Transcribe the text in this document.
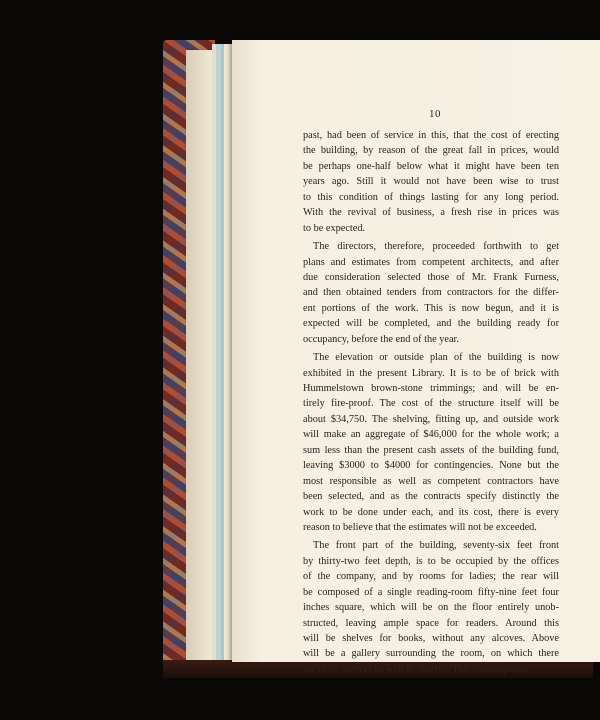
10
past, had been of service in this, that the cost of erecting
the building, by reason of the great fall in prices, would
be perhaps one-half below what it might have been ten
years ago. Still it would not have been wise to trust
to this condition of things lasting for any long period.
With the revival of business, a fresh rise in prices was
to be expected.
The directors, therefore, proceeded forthwith to get
plans and estimates from competent architects, and after
due consideration selected those of Mr. Frank Furness,
and then obtained tenders from contractors for the differ-
ent portions of the work. This is now begun, and it is
expected will be completed, and the building ready for
occupancy, before the end of the year.
The elevation or outside plan of the building is now
exhibited in the present Library. It is to be of brick with
Hummelstown brown-stone trimmings; and will be en-
tirely fire-proof. The cost of the structure itself will be
about $34,750. The shelving, fitting up, and outside work
will make an aggregate of $46,000 for the whole work; a
sum less than the present cash assets of the building fund,
leaving $3000 to $4000 for contingencies. None but the
most responsible as well as competent contractors have
been selected, and as the contracts specify distinctly the
work to be done under each, and its cost, there is every
reason to believe that the estimates will not be exceeded.
The front part of the building, seventy-six feet front
by thirty-two feet depth, is to be occupied by the offices
of the company, and by rooms for ladies; the rear will
be composed of a single reading-room fifty-nine feet four
inches square, which will be on the floor entirely unob-
structed, leaving ample space for readers. Around this
will be shelves for books, without any alcoves. Above
will be a gallery surrounding the room, on which there
are to be alcoves as well as shelves. This contemplates
